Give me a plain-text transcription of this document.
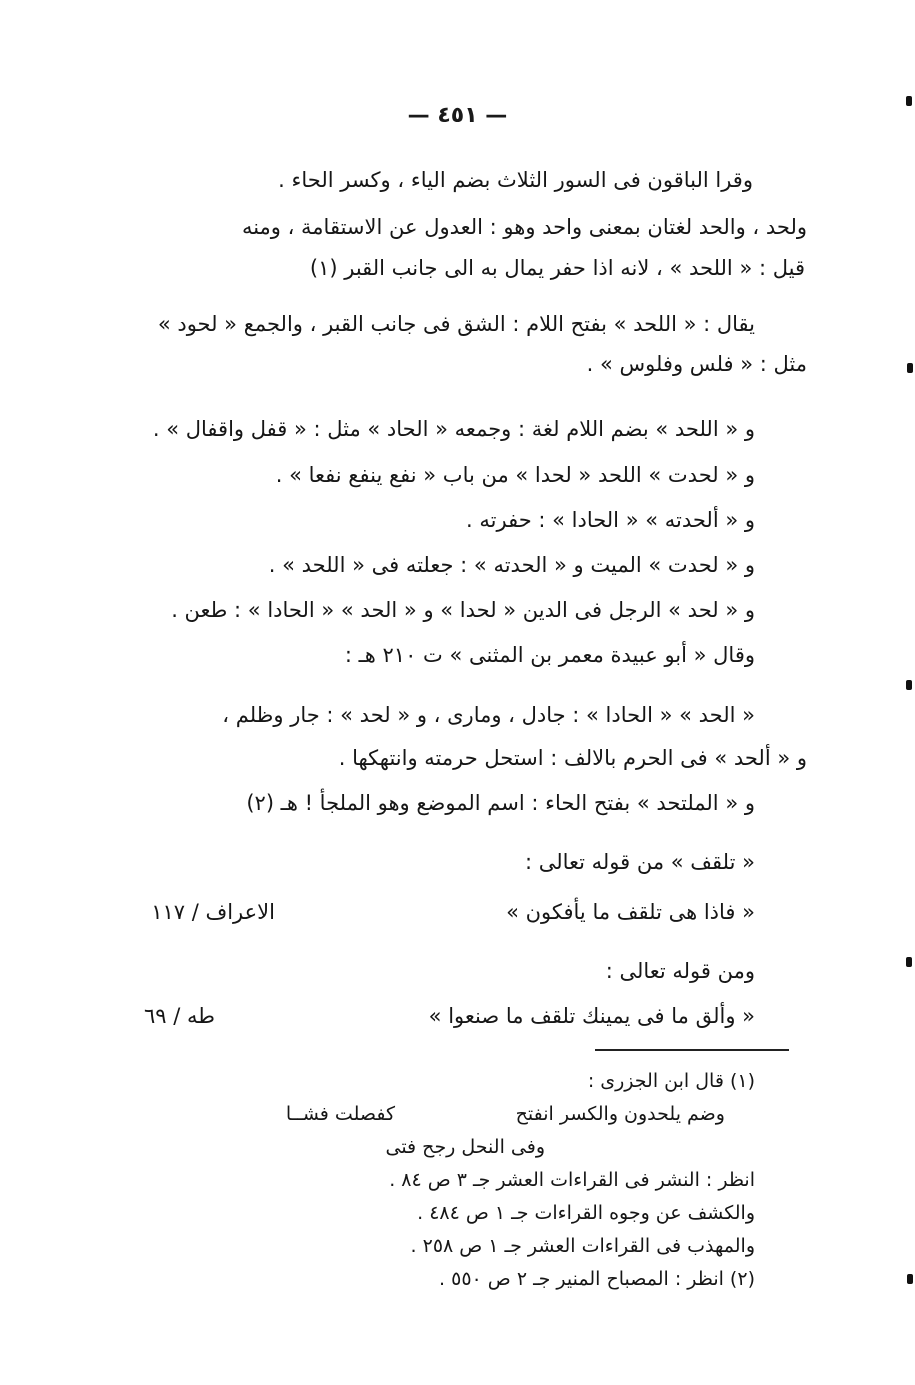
— ٤٥١ —
وقرا الباقون فى السور الثلاث بضم الياء ، وكسر الحاء .
ولحد ، والحد لغتان بمعنى واحد وهو : العدول عن الاستقامة ، ومنه
قيل : « اللحد » ، لانه اذا حفر يمال به الى جانب القبر (١)
يقال : « اللحد » بفتح اللام : الشق فى جانب القبر ، والجمع « لحود »
مثل : « فلس وفلوس » .
و « اللحد » بضم اللام لغة : وجمعه « الحاد » مثل : « قفل واقفال » .
و « لحدت » اللحد « لحدا » من باب « نفع ينفع نفعا » .
و « ألحدته » « الحادا » : حفرته .
و « لحدت » الميت و « الحدته » : جعلته فى « اللحد » .
و « لحد » الرجل فى الدين « لحدا » و « الحد » « الحادا » : طعن .
وقال « أبو عبيدة معمر بن المثنى » ت ٢١٠ هـ :
« الحد » « الحادا » : جادل ، ومارى ، و « لحد » : جار وظلم ،
و « ألحد » فى الحرم بالالف : استحل حرمته وانتهكها .
و « الملتحد » بفتح الحاء : اسم الموضع وهو الملجأ ! هـ (٢)
« تلقف » من قوله تعالى :
« فاذا هى تلقف ما يأفكون »
الاعراف / ١١٧
ومن قوله تعالى :
« وألق ما فى يمينك تلقف ما صنعوا »
طه / ٦٩
(١) قال ابن الجزرى :
وضم يلحدون والكسر انفتح
كفصلت فشــا
وفى النحل رجح فتى
انظر : النشر فى القراءات العشر جـ ٣ ص ٨٤ .
والكشف عن وجوه القراءات جـ ١ ص ٤٨٤ .
والمهذب فى القراءات العشر جـ ١ ص ٢٥٨ .
(٢) انظر : المصباح المنير جـ ٢ ص ٥٥٠ .
